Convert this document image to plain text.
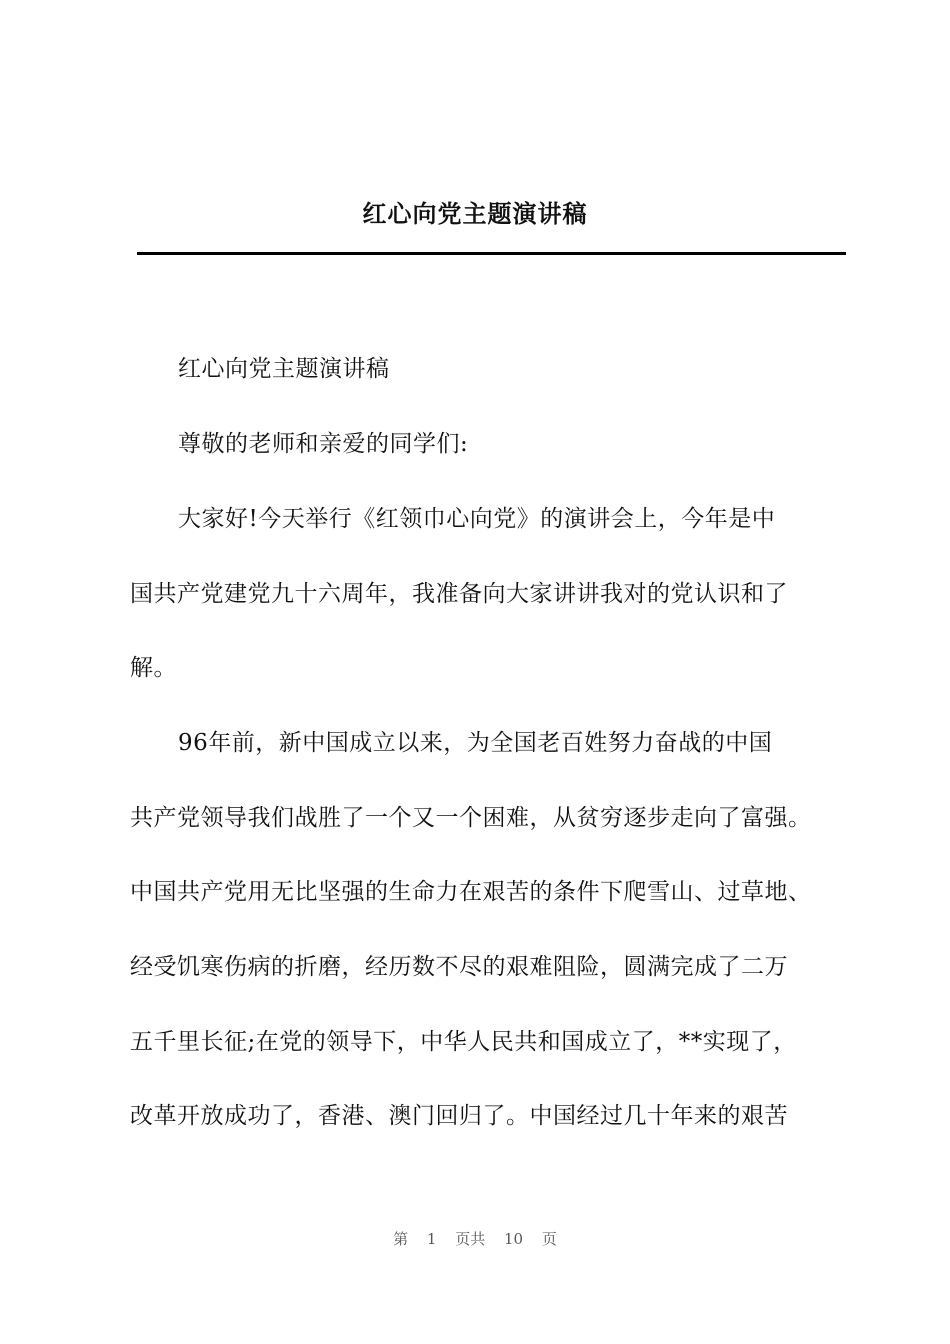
红心向党主题演讲稿
红心向党主题演讲稿
尊敬的老师和亲爱的同学们:
大家好!今天举行《红领巾心向党》的演讲会上，今年是中
国共产党建党九十六周年，我准备向大家讲讲我对的党认识和了
解。
96年前，新中国成立以来，为全国老百姓努力奋战的中国
共产党领导我们战胜了一个又一个困难，从贫穷逐步走向了富强。
中国共产党用无比坚强的生命力在艰苦的条件下爬雪山、过草地、
经受饥寒伤病的折磨，经历数不尽的艰难阻险，圆满完成了二万
五千里长征;在党的领导下，中华人民共和国成立了，**实现了，
改革开放成功了，香港、澳门回归了。中国经过几十年来的艰苦
第 1 页共 10 页
